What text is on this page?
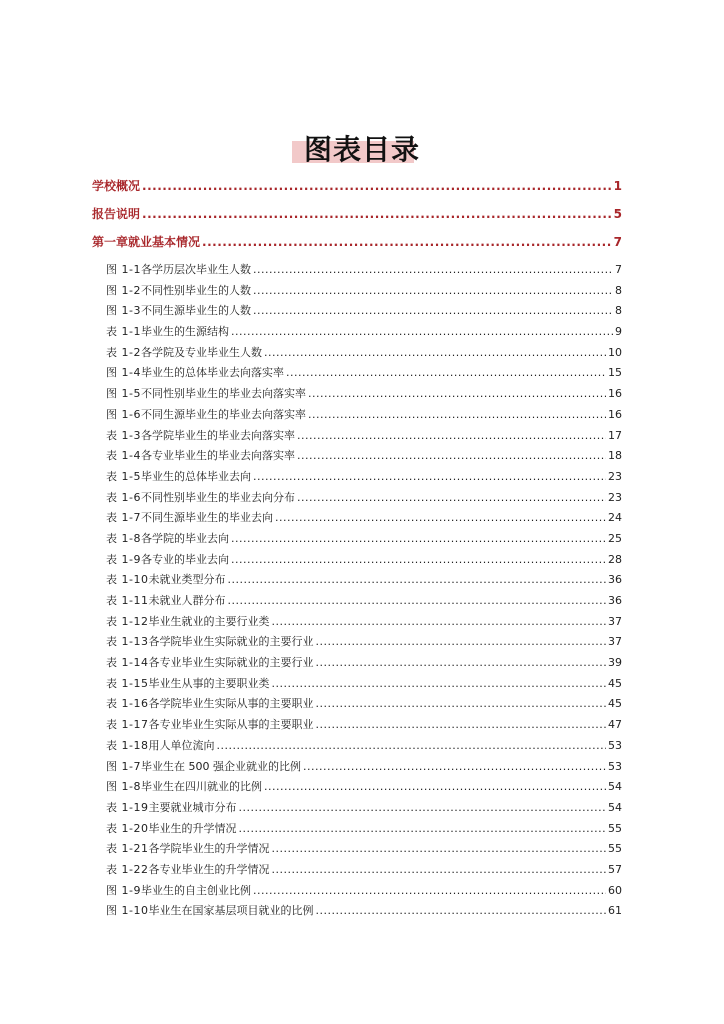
图表目录
学校概况 .....	1
报告说明 .....	5
第一章 就业基本情况 .....	7
图 1-1 各学历层次毕业生人数 .....	7
图 1-2 不同性别毕业生的人数 .....	8
图 1-3 不同生源毕业生的人数 .....	8
表 1-1 毕业生的生源结构 .....	9
表 1-2 各学院及专业毕业生人数 .....	10
图 1-4 毕业生的总体毕业去向落实率 .....	15
图 1-5 不同性别毕业生的毕业去向落实率 .....	16
图 1-6 不同生源毕业生的毕业去向落实率 .....	16
表 1-3 各学院毕业生的毕业去向落实率 .....	17
表 1-4 各专业毕业生的毕业去向落实率 .....	18
表 1-5 毕业生的总体毕业去向 .....	23
表 1-6 不同性别毕业生的毕业去向分布 .....	23
表 1-7 不同生源毕业生的毕业去向 .....	24
表 1-8 各学院的毕业去向 .....	25
表 1-9 各专业的毕业去向 .....	28
表 1-10 未就业类型分布 .....	36
表 1-11 未就业人群分布 .....	36
表 1-12 毕业生就业的主要行业类 .....	37
表 1-13 各学院毕业生实际就业的主要行业 .....	37
表 1-14 各专业毕业生实际就业的主要行业 .....	39
表 1-15 毕业生从事的主要职业类 .....	45
表 1-16 各学院毕业生实际从事的主要职业 .....	45
表 1-17 各专业毕业生实际从事的主要职业 .....	47
表 1-18 用人单位流向 .....	53
图 1-7 毕业生在 500 强企业就业的比例 .....	53
图 1-8 毕业生在四川就业的比例 .....	54
表 1-19 主要就业城市分布 .....	54
表 1-20 毕业生的升学情况 .....	55
表 1-21 各学院毕业生的升学情况 .....	55
表 1-22 各专业毕业生的升学情况 .....	57
图 1-9 毕业生的自主创业比例 .....	60
图 1-10 毕业生在国家基层项目就业的比例 .....	61
